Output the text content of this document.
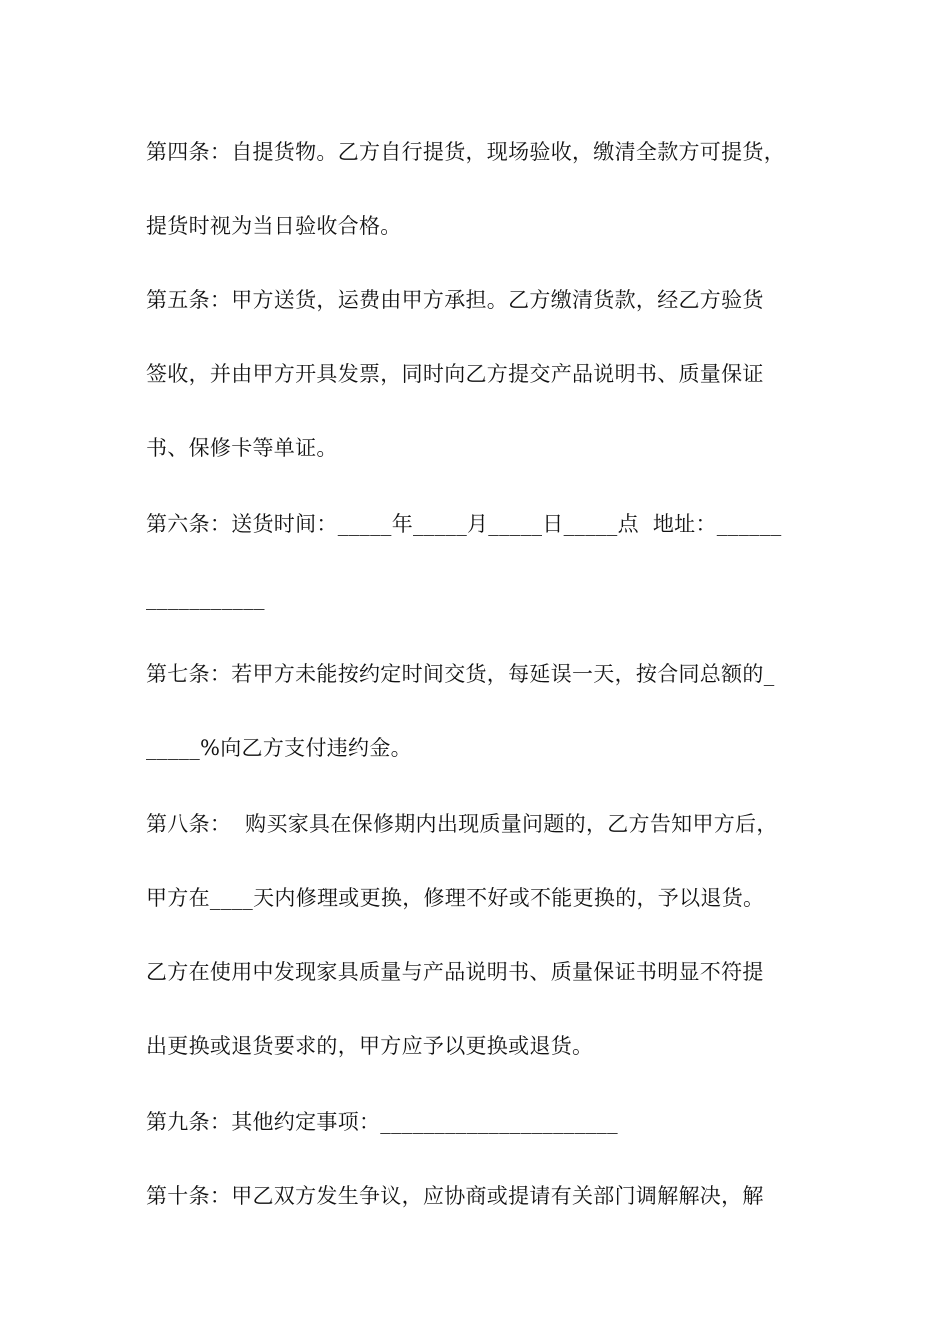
第四条：自提货物。乙方自行提货，现场验收，缴清全款方可提货，
提货时视为当日验收合格。
第五条：甲方送货，运费由甲方承担。乙方缴清货款，经乙方验货
签收，并由甲方开具发票，同时向乙方提交产品说明书、质量保证
书、保修卡等单证。
第六条：送货时间：_____年_____月_____日_____点  地址：______
___________
第七条：若甲方未能按约定时间交货，每延误一天，按合同总额的_
_____%向乙方支付违约金。
第八条：  购买家具在保修期内出现质量问题的，乙方告知甲方后，
甲方在____天内修理或更换，修理不好或不能更换的，予以退货。
乙方在使用中发现家具质量与产品说明书、质量保证书明显不符提
出更换或退货要求的，甲方应予以更换或退货。
第九条：其他约定事项：______________________
第十条：甲乙双方发生争议，应协商或提请有关部门调解解决，解
